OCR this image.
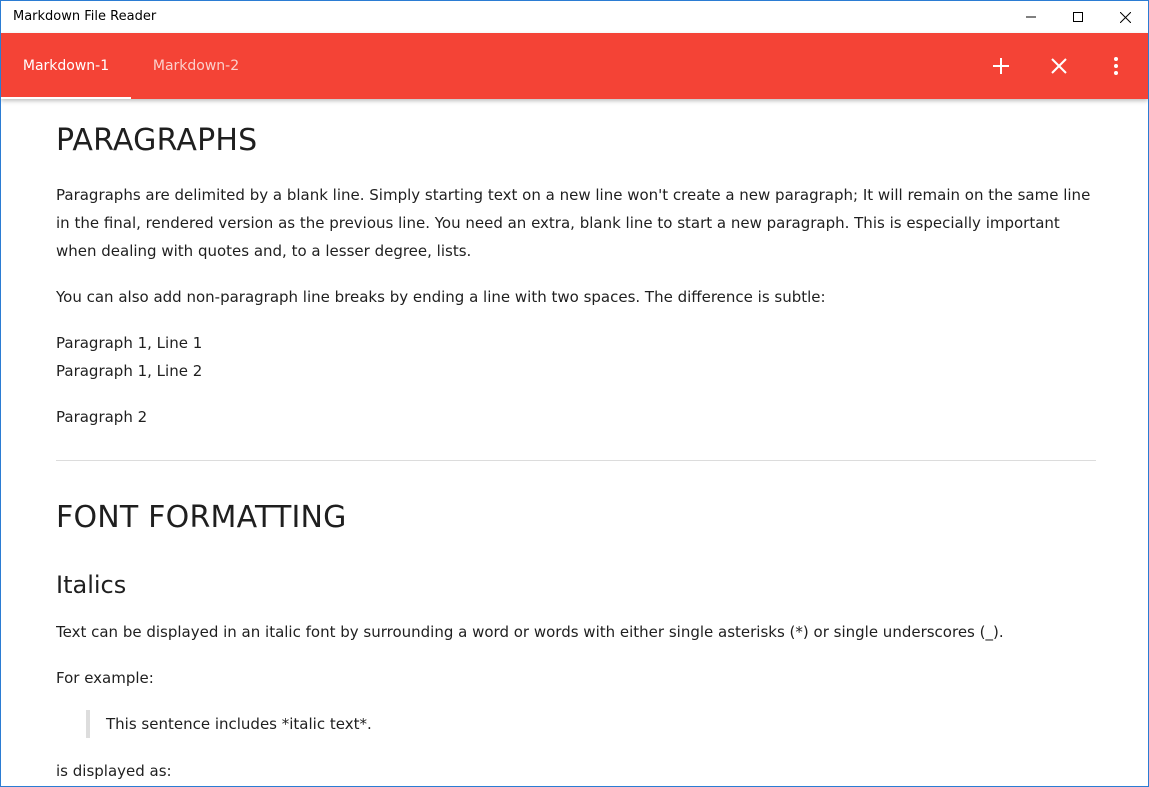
Markdown File Reader
Markdown-1	Markdown-2
PARAGRAPHS

Paragraphs are delimited by a blank line. Simply starting text on a new line won't create a new paragraph; It will remain on the same line in the final, rendered version as the previous line. You need an extra, blank line to start a new paragraph. This is especially important when dealing with quotes and, to a lesser degree, lists.

You can also add non-paragraph line breaks by ending a line with two spaces. The difference is subtle:

Paragraph 1, Line 1

Paragraph 1, Line 2

Paragraph 2

FONT FORMATTING
Italics

Text can be displayed in an italic font by surrounding a word or words with either single asterisks (*) or single underscores (_).

For example:

This sentence includes *italic text*.

is displayed as:
